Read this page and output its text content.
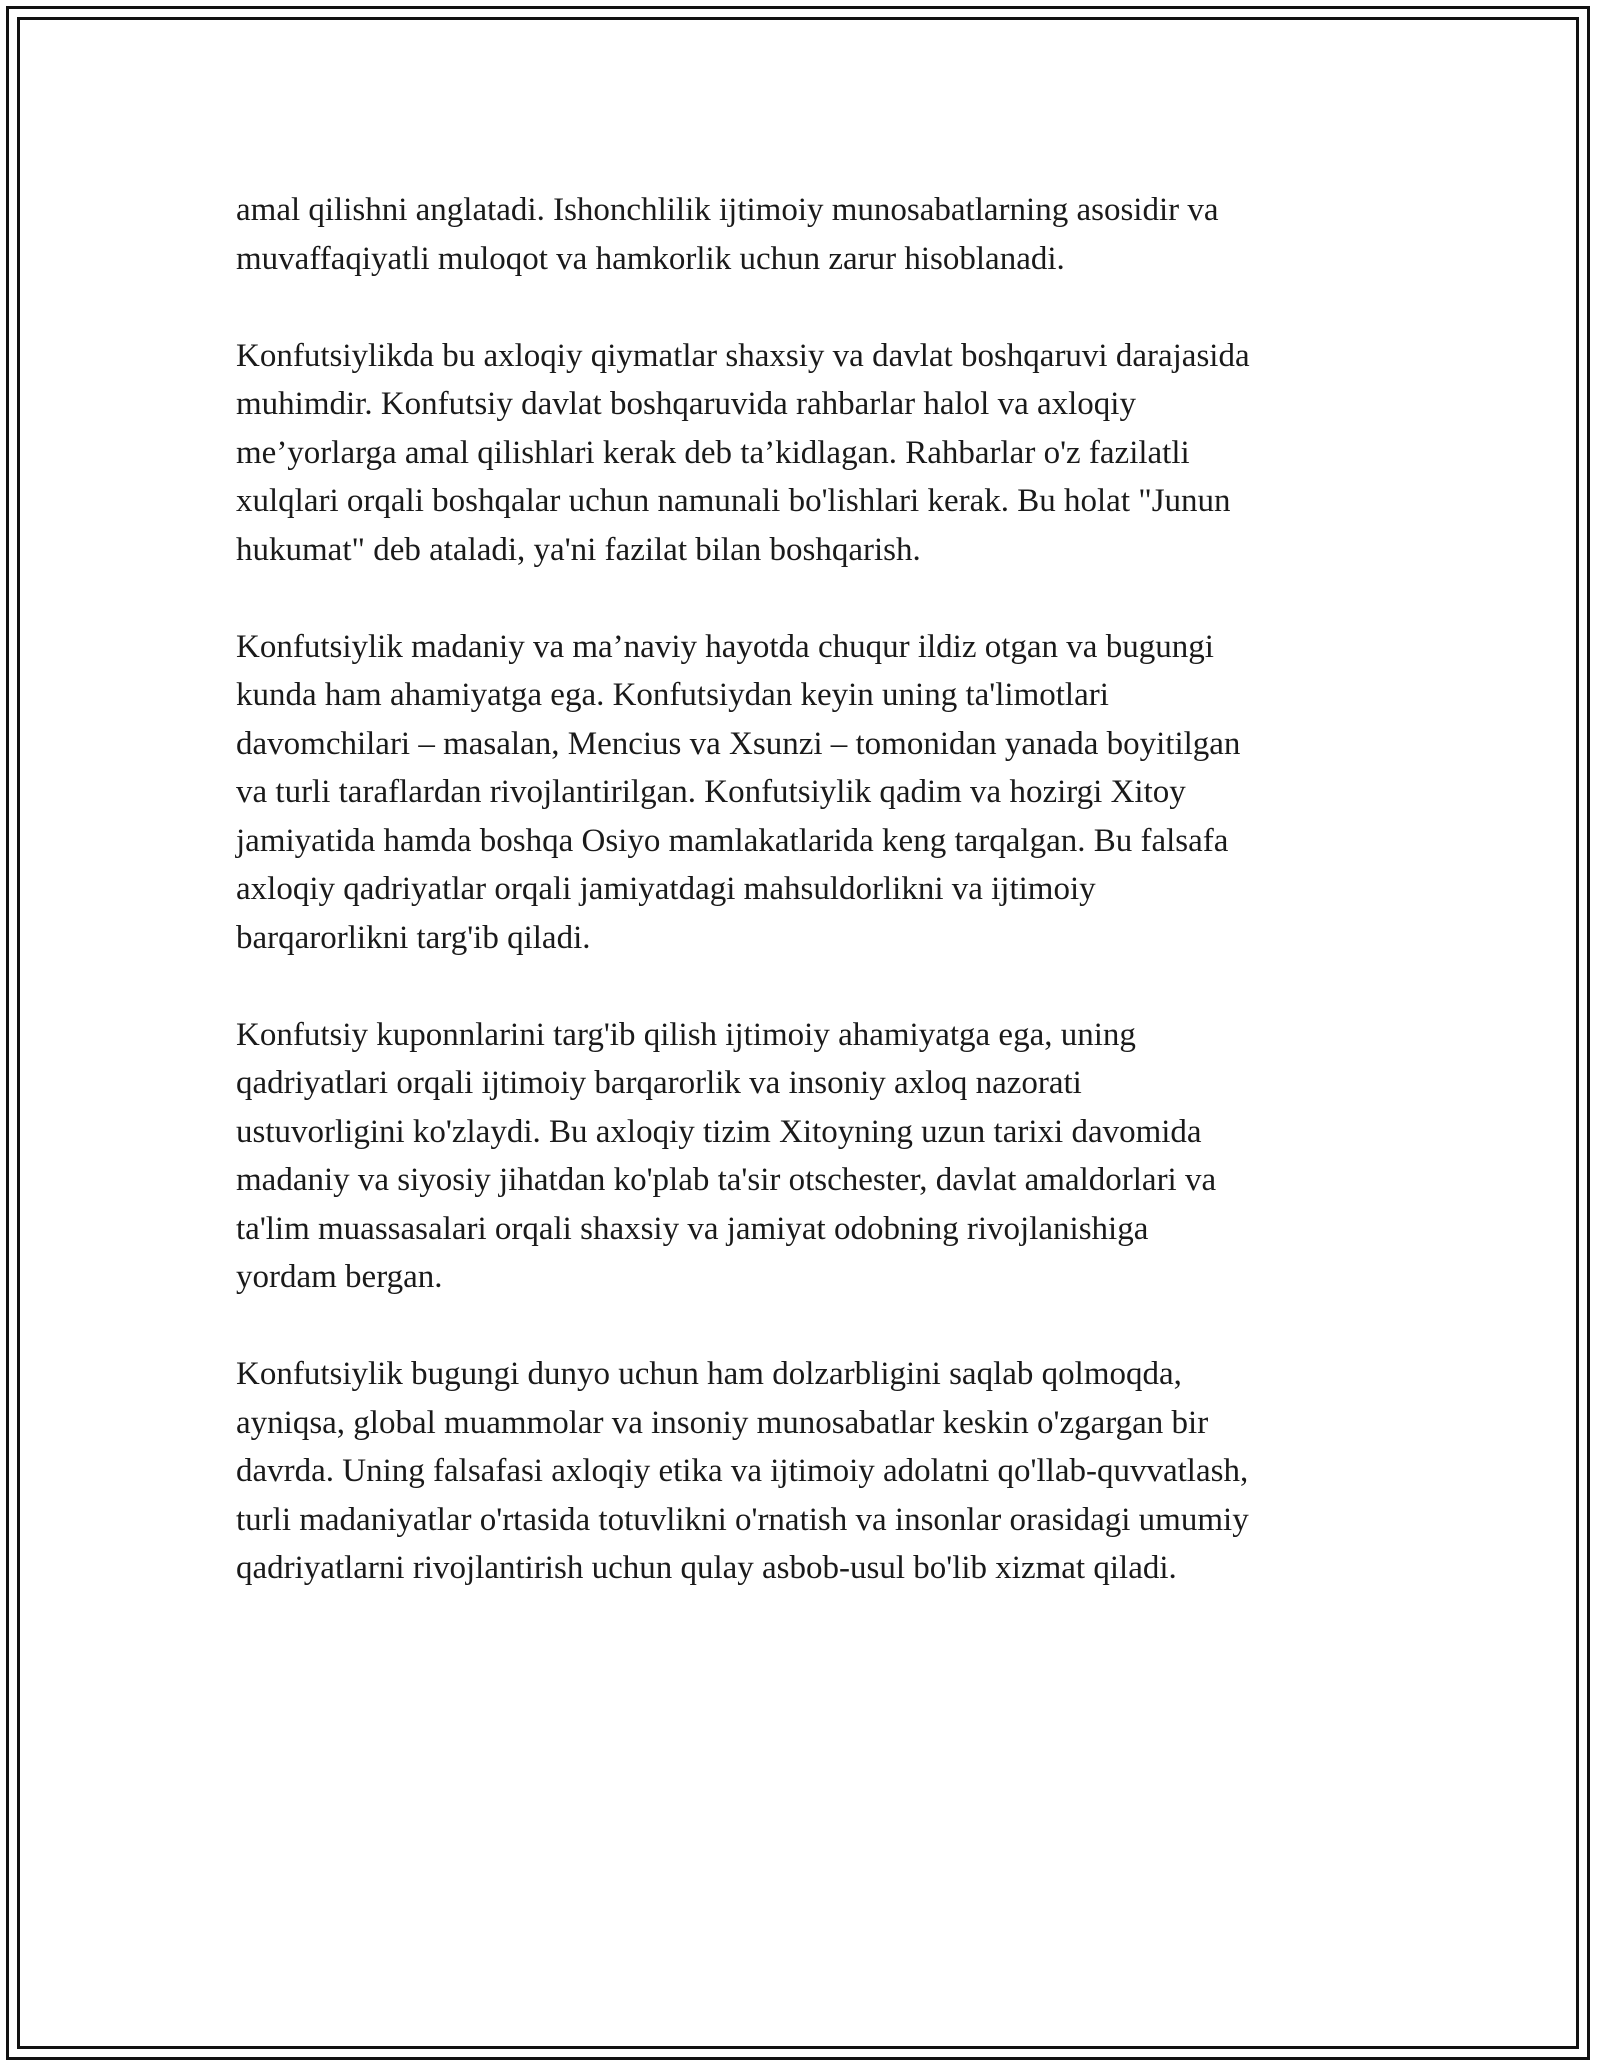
amal qilishni anglatadi. Ishonchlilik ijtimoiy munosabatlarning asosidir va
muvaffaqiyatli muloqot va hamkorlik uchun zarur hisoblanadi.

Konfutsiylikda bu axloqiy qiymatlar shaxsiy va davlat boshqaruvi darajasida
muhimdir. Konfutsiy davlat boshqaruvida rahbarlar halol va axloqiy
me’yorlarga amal qilishlari kerak deb ta’kidlagan. Rahbarlar o'z fazilatli
xulqlari orqali boshqalar uchun namunali bo'lishlari kerak. Bu holat "Junun
hukumat" deb ataladi, ya'ni fazilat bilan boshqarish.

Konfutsiylik madaniy va ma’naviy hayotda chuqur ildiz otgan va bugungi
kunda ham ahamiyatga ega. Konfutsiydan keyin uning ta'limotlari
davomchilari – masalan, Mencius va Xsunzi – tomonidan yanada boyitilgan
va turli taraflardan rivojlantirilgan. Konfutsiylik qadim va hozirgi Xitoy
jamiyatida hamda boshqa Osiyo mamlakatlarida keng tarqalgan. Bu falsafa
axloqiy qadriyatlar orqali jamiyatdagi mahsuldorlikni va ijtimoiy
barqarorlikni targ'ib qiladi.

Konfutsiy kuponnlarini targ'ib qilish ijtimoiy ahamiyatga ega, uning
qadriyatlari orqali ijtimoiy barqarorlik va insoniy axloq nazorati
ustuvorligini ko'zlaydi. Bu axloqiy tizim Xitoyning uzun tarixi davomida
madaniy va siyosiy jihatdan ko'plab ta'sir otschester, davlat amaldorlari va
ta'lim muassasalari orqali shaxsiy va jamiyat odobning rivojlanishiga
yordam bergan.

Konfutsiylik bugungi dunyo uchun ham dolzarbligini saqlab qolmoqda,
ayniqsa, global muammolar va insoniy munosabatlar keskin o'zgargan bir
davrda. Uning falsafasi axloqiy etika va ijtimoiy adolatni qo'llab-quvvatlash,
turli madaniyatlar o'rtasida totuvlikni o'rnatish va insonlar orasidagi umumiy
qadriyatlarni rivojlantirish uchun qulay asbob-usul bo'lib xizmat qiladi.
